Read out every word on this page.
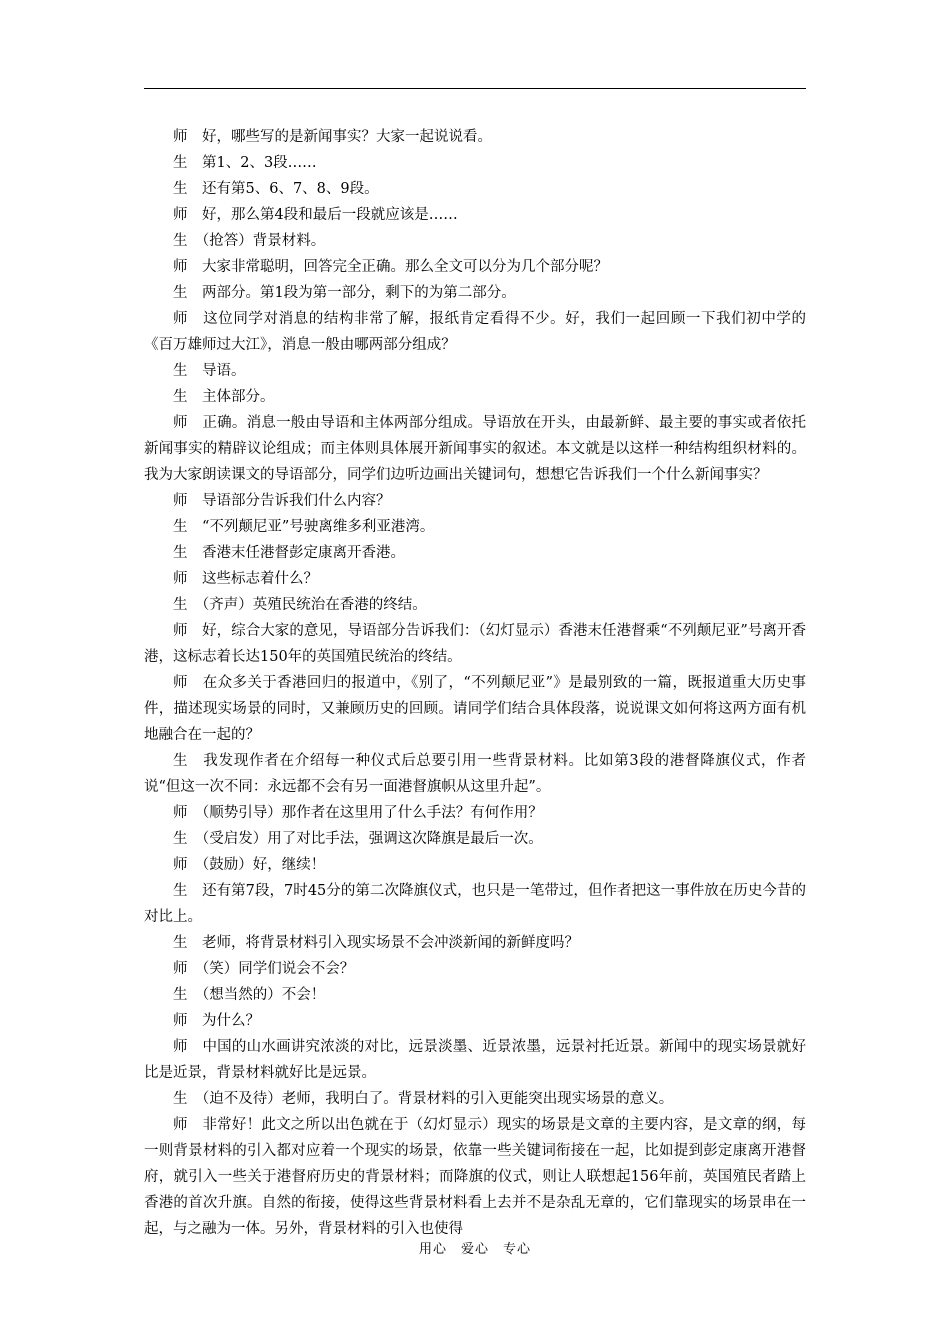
师　好，哪些写的是新闻事实？大家一起说说看。

生　第1、2、3段……

生　还有第5、6、7、8、9段。

师　好，那么第4段和最后一段就应该是……

生　（抢答）背景材料。

师　大家非常聪明，回答完全正确。那么全文可以分为几个部分呢？

生　两部分。第1段为第一部分，剩下的为第二部分。

师　这位同学对消息的结构非常了解，报纸肯定看得不少。好，我们一起回顾一下我们初中学的《百万雄师过大江》，消息一般由哪两部分组成？

生　导语。

生　主体部分。

师　正确。消息一般由导语和主体两部分组成。导语放在开头，由最新鲜、最主要的事实或者依托新闻事实的精辟议论组成；而主体则具体展开新闻事实的叙述。本文就是以这样一种结构组织材料的。我为大家朗读课文的导语部分，同学们边听边画出关键词句，想想它告诉我们一个什么新闻事实？

师　导语部分告诉我们什么内容？

生　“不列颠尼亚”号驶离维多利亚港湾。

生　香港末任港督彭定康离开香港。

师　这些标志着什么？

生　（齐声）英殖民统治在香港的终结。

师　好，综合大家的意见，导语部分告诉我们：（幻灯显示）香港末任港督乘“不列颠尼亚”号离开香港，这标志着长达150年的英国殖民统治的终结。

师　在众多关于香港回归的报道中，《别了，“不列颠尼亚”》是最别致的一篇，既报道重大历史事件，描述现实场景的同时，又兼顾历史的回顾。请同学们结合具体段落，说说课文如何将这两方面有机地融合在一起的？

生　我发现作者在介绍每一种仪式后总要引用一些背景材料。比如第3段的港督降旗仪式，作者说“但这一次不同：永远都不会有另一面港督旗帜从这里升起”。

师　（顺势引导）那作者在这里用了什么手法？有何作用？

生　（受启发）用了对比手法，强调这次降旗是最后一次。

师　（鼓励）好，继续！

生　还有第7段，7时45分的第二次降旗仪式，也只是一笔带过，但作者把这一事件放在历史今昔的对比上。

生　老师，将背景材料引入现实场景不会冲淡新闻的新鲜度吗？

师　（笑）同学们说会不会？

生　（想当然的）不会！

师　为什么？

师　中国的山水画讲究浓淡的对比，远景淡墨、近景浓墨，远景衬托近景。新闻中的现实场景就好比是近景，背景材料就好比是远景。

生　（迫不及待）老师，我明白了。背景材料的引入更能突出现实场景的意义。

师　非常好！此文之所以出色就在于（幻灯显示）现实的场景是文章的主要内容，是文章的纲，每一则背景材料的引入都对应着一个现实的场景，依靠一些关键词衔接在一起，比如提到彭定康离开港督府，就引入一些关于港督府历史的背景材料；而降旗的仪式，则让人联想起156年前，英国殖民者踏上香港的首次升旗。自然的衔接，使得这些背景材料看上去并不是杂乱无章的，它们靠现实的场景串在一起，与之融为一体。另外，背景材料的引入也使得

用心　爱心　专心
